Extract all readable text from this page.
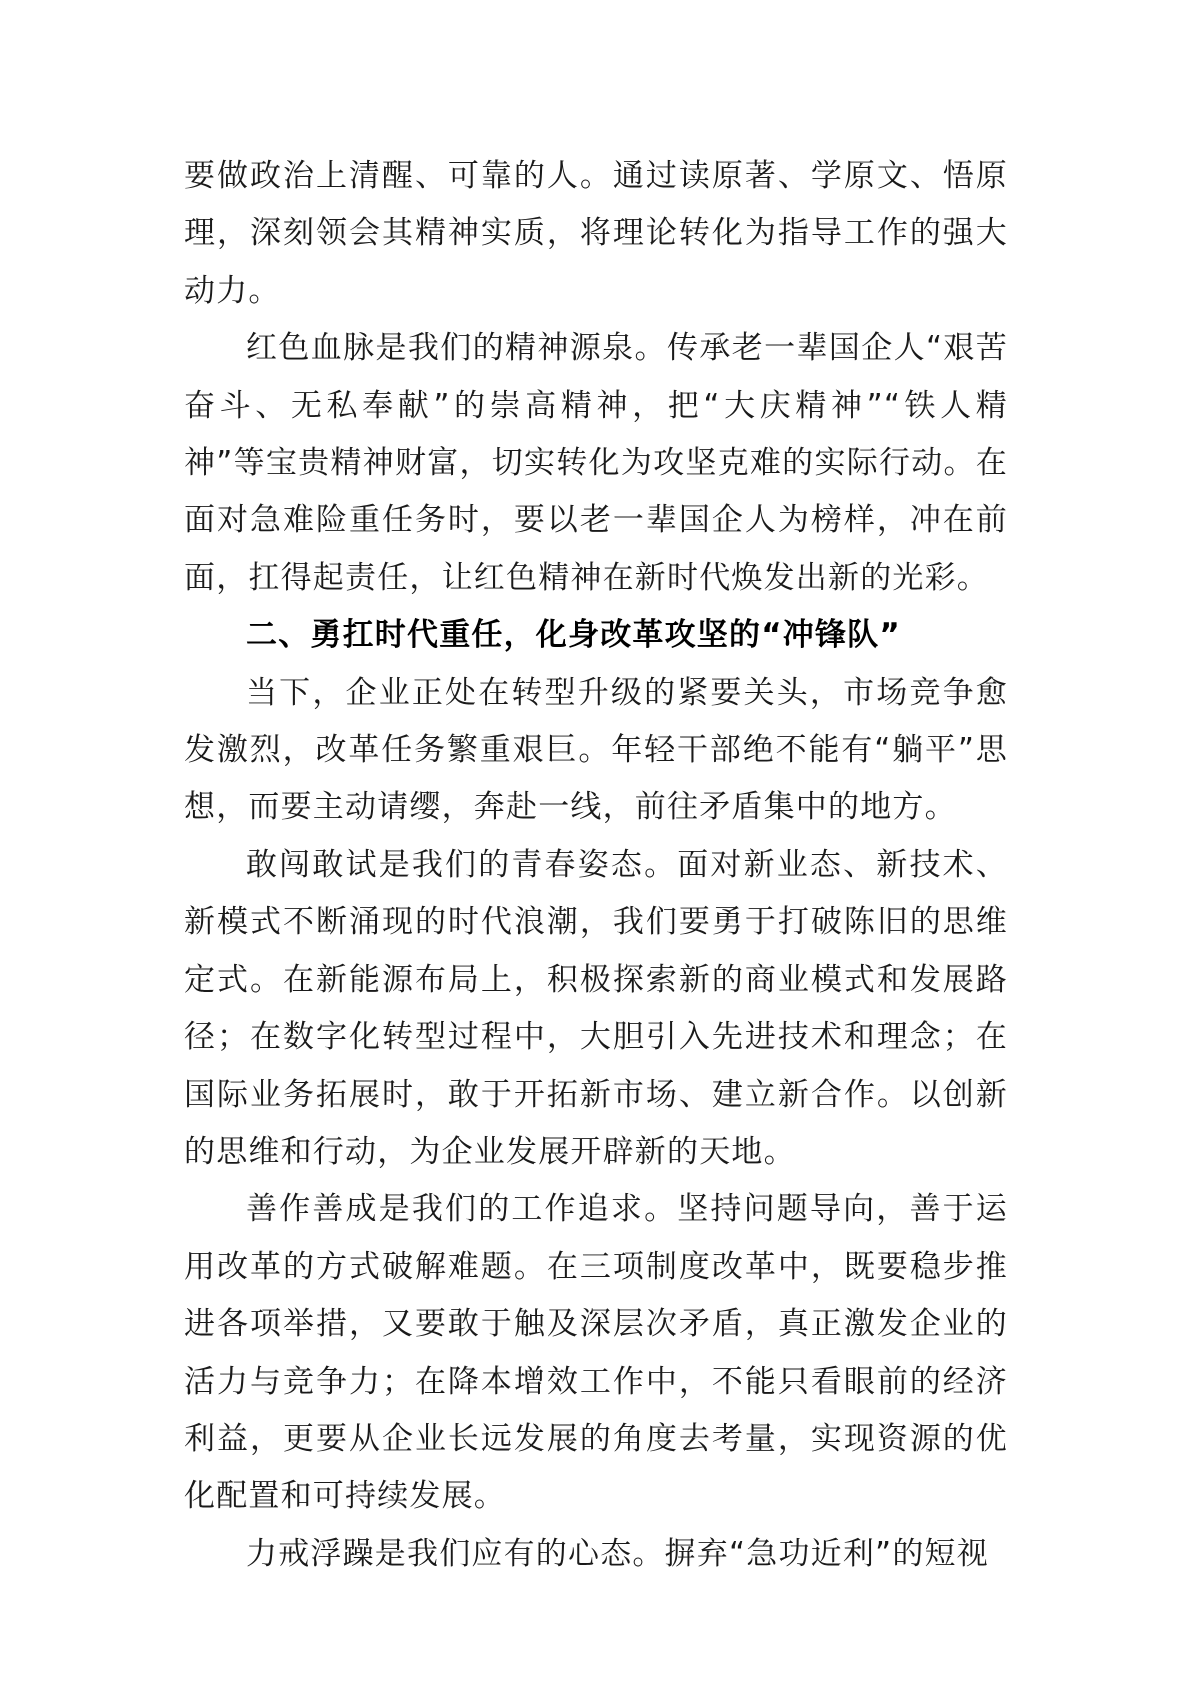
要做政治上清醒、可靠的人。通过读原著、学原文、悟原理，深刻领会其精神实质，将理论转化为指导工作的强大动力。

红色血脉是我们的精神源泉。传承老一辈国企人“艰苦奋斗、无私奉献”的崇高精神，把“大庆精神”“铁人精神”等宝贵精神财富，切实转化为攻坚克难的实际行动。在面对急难险重任务时，要以老一辈国企人为榜样，冲在前面，扛得起责任，让红色精神在新时代焕发出新的光彩。

二、勇扛时代重任，化身改革攻坚的“冲锋队”

当下，企业正处在转型升级的紧要关头，市场竞争愈发激烈，改革任务繁重艰巨。年轻干部绝不能有“躺平”思想，而要主动请缨，奔赴一线，前往矛盾集中的地方。

敢闯敢试是我们的青春姿态。面对新业态、新技术、新模式不断涌现的时代浪潮，我们要勇于打破陈旧的思维定式。在新能源布局上，积极探索新的商业模式和发展路径；在数字化转型过程中，大胆引入先进技术和理念；在国际业务拓展时，敢于开拓新市场、建立新合作。以创新的思维和行动，为企业发展开辟新的天地。

善作善成是我们的工作追求。坚持问题导向，善于运用改革的方式破解难题。在三项制度改革中，既要稳步推进各项举措，又要敢于触及深层次矛盾，真正激发企业的活力与竞争力；在降本增效工作中，不能只看眼前的经济利益，更要从企业长远发展的角度去考量，实现资源的优化配置和可持续发展。

力戒浮躁是我们应有的心态。摒弃“急功近利”的短视
